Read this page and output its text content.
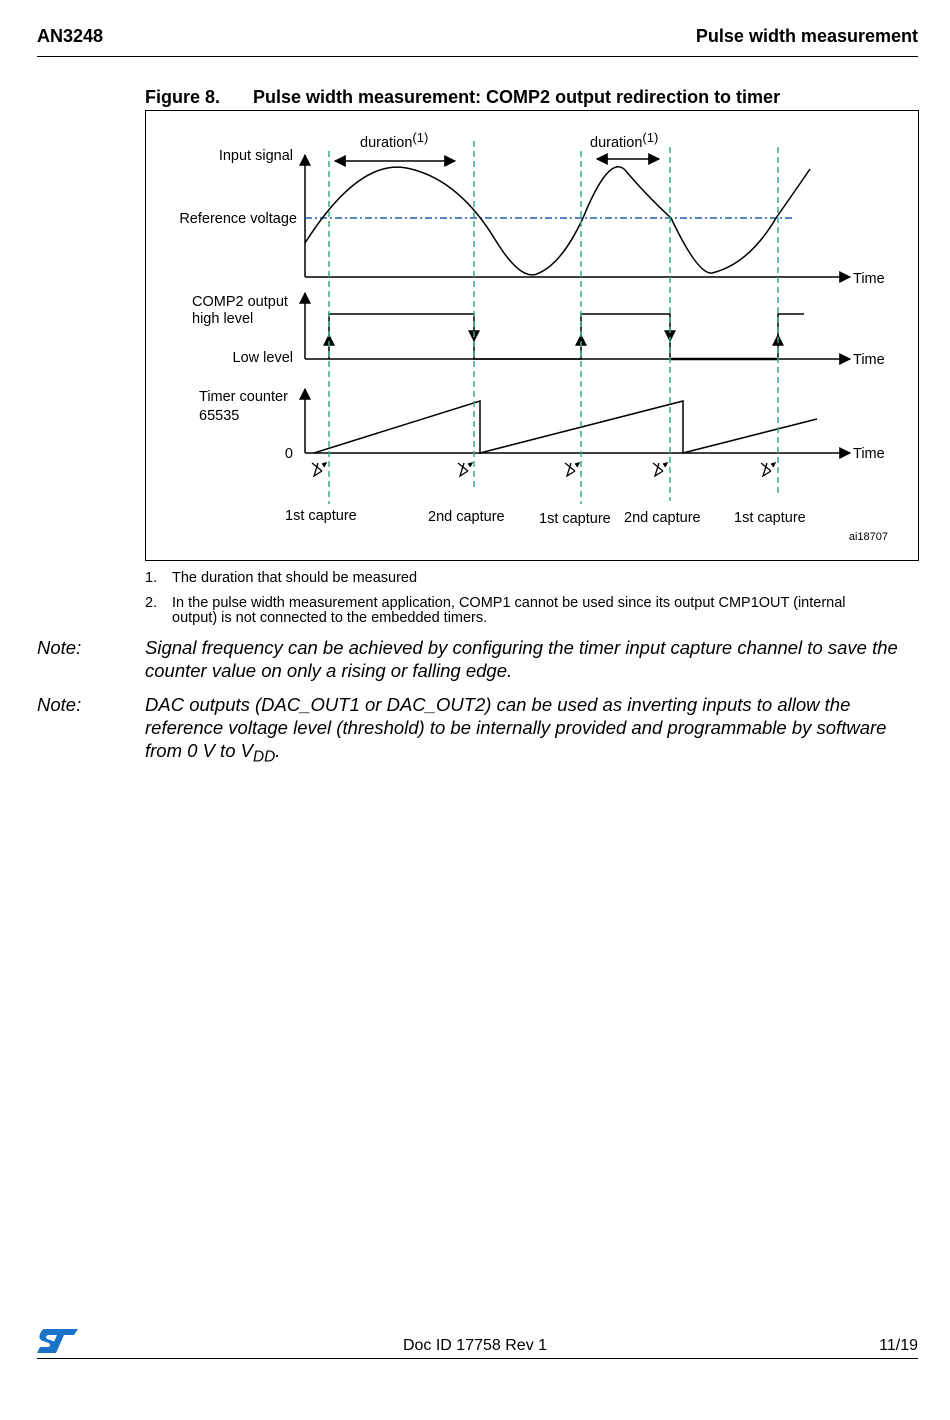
AN3248	Pulse width measurement
Figure 8. Pulse width measurement: COMP2 output redirection to timer
Input signal
Reference voltage
Time
duration(1)	duration(1)
COMP2 output
high level
Low level	Time
Timer counter
65535
0	Time
1st capture	2nd capture 1st capture 2nd capture 1st capture
ai18707
1. The duration that should be measured
2. In the pulse width measurement application, COMP1 cannot be used since its output CMP1OUT (internal
output) is not connected to the embedded timers.
Note:	Signal frequency can be achieved by configuring the timer input capture channel to save the counter value on only a rising or falling edge.
Note:	DAC outputs (DAC_OUT1 or DAC_OUT2) can be used as inverting inputs to allow the reference voltage level (threshold) to be internally provided and programmable by software from 0 V to $V_{DD}$.
Doc ID 17758 Rev 1	11/19
